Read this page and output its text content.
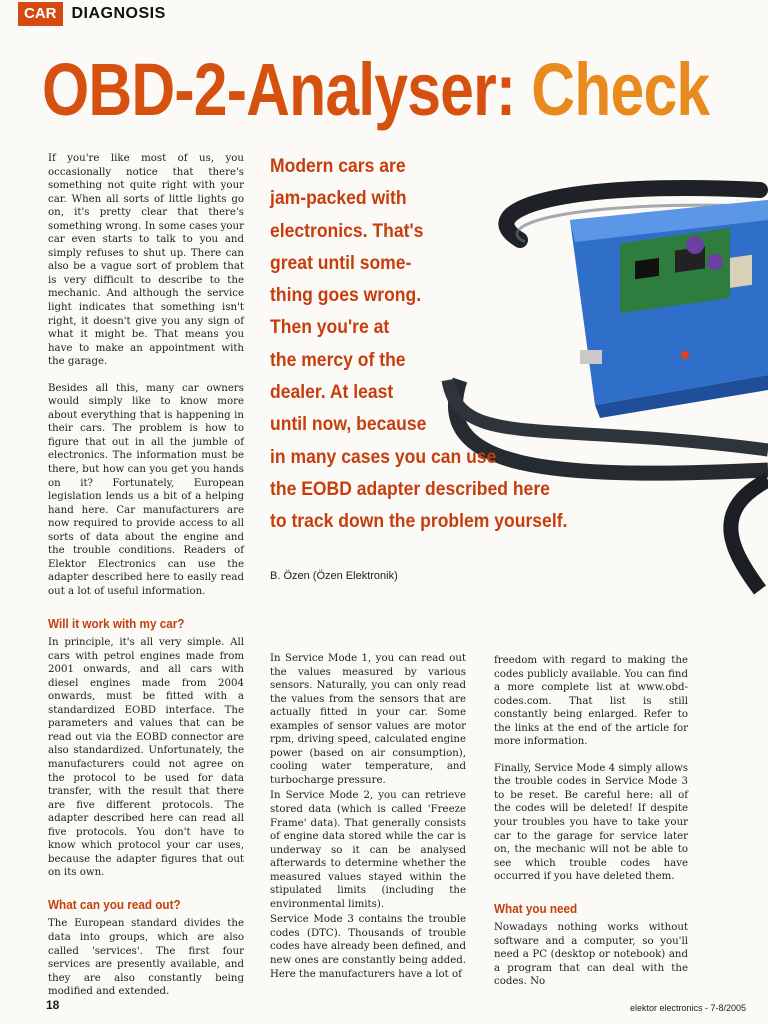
CAR DIAGNOSIS
OBD-2-Analyser: Check
Modern cars are
jam-packed with
electronics. That's
great until some-
thing goes wrong.
Then you're at
the mercy of the
dealer. At least
until now, because
in many cases you can use
the EOBD adapter described here
to track down the problem yourself.
B. Özen (Özen Elektronik)

If you're like most of us, you occasionally notice that there's something not quite right with your car. When all sorts of little lights go on, it's pretty clear that there's something wrong. In some cases your car even starts to talk to you and simply refuses to shut up. There can also be a vague sort of problem that is very difficult to describe to the mechanic. And although the service light indicates that something isn't right, it doesn't give you any sign of what it might be. That means you have to make an appointment with the garage.

Besides all this, many car owners would simply like to know more about everything that is happening in their cars. The problem is how to figure that out in all the jumble of electronics. The information must be there, but how can you get you hands on it? Fortunately, European legislation lends us a bit of a helping hand here. Car manufacturers are now required to provide access to all sorts of data about the engine and the trouble conditions. Readers of Elektor Electronics can use the adapter described here to easily read out a lot of useful information.

Will it work with my car?

In principle, it's all very simple. All cars with petrol engines made from 2001 onwards, and all cars with diesel engines made from 2004 onwards, must be fitted with a standardized EOBD interface. The parameters and values that can be read out via the EOBD connector are also standardized. Unfortunately, the manufacturers could not agree on the protocol to be used for data transfer, with the result that there are five different protocols. The adapter described here can read all five protocols. You don't have to know which protocol your car uses, because the adapter figures that out on its own.

What can you read out?

The European standard divides the data into groups, which are also called 'services'. The first four services are presently available, and they are also constantly being modified and extended.

In Service Mode 1, you can read out the values measured by various sensors. Naturally, you can only read the values from the sensors that are actually fitted in your car. Some examples of sensor values are motor rpm, driving speed, calculated engine power (based on air consumption), cooling water temperature, and turbocharge pressure.

In Service Mode 2, you can retrieve stored data (which is called 'Freeze Frame' data). That generally consists of engine data stored while the car is underway so it can be analysed afterwards to determine whether the measured values stayed within the stipulated limits (including the environmental limits).

Service Mode 3 contains the trouble codes (DTC). Thousands of trouble codes have already been defined, and new ones are constantly being added. Here the manufacturers have a lot of

freedom with regard to making the codes publicly available. You can find a more complete list at www.obd-codes.com. That list is still constantly being enlarged. Refer to the links at the end of the article for more information.

Finally, Service Mode 4 simply allows the trouble codes in Service Mode 3 to be reset. Be careful here: all of the codes will be deleted! If despite your troubles you have to take your car to the garage for service later on, the mechanic will not be able to see which trouble codes have occurred if you have deleted them.

What you need

Nowadays nothing works without software and a computer, so you'll need a PC (desktop or notebook) and a program that can deal with the codes. No

18	elektor electronics - 7-8/2005
